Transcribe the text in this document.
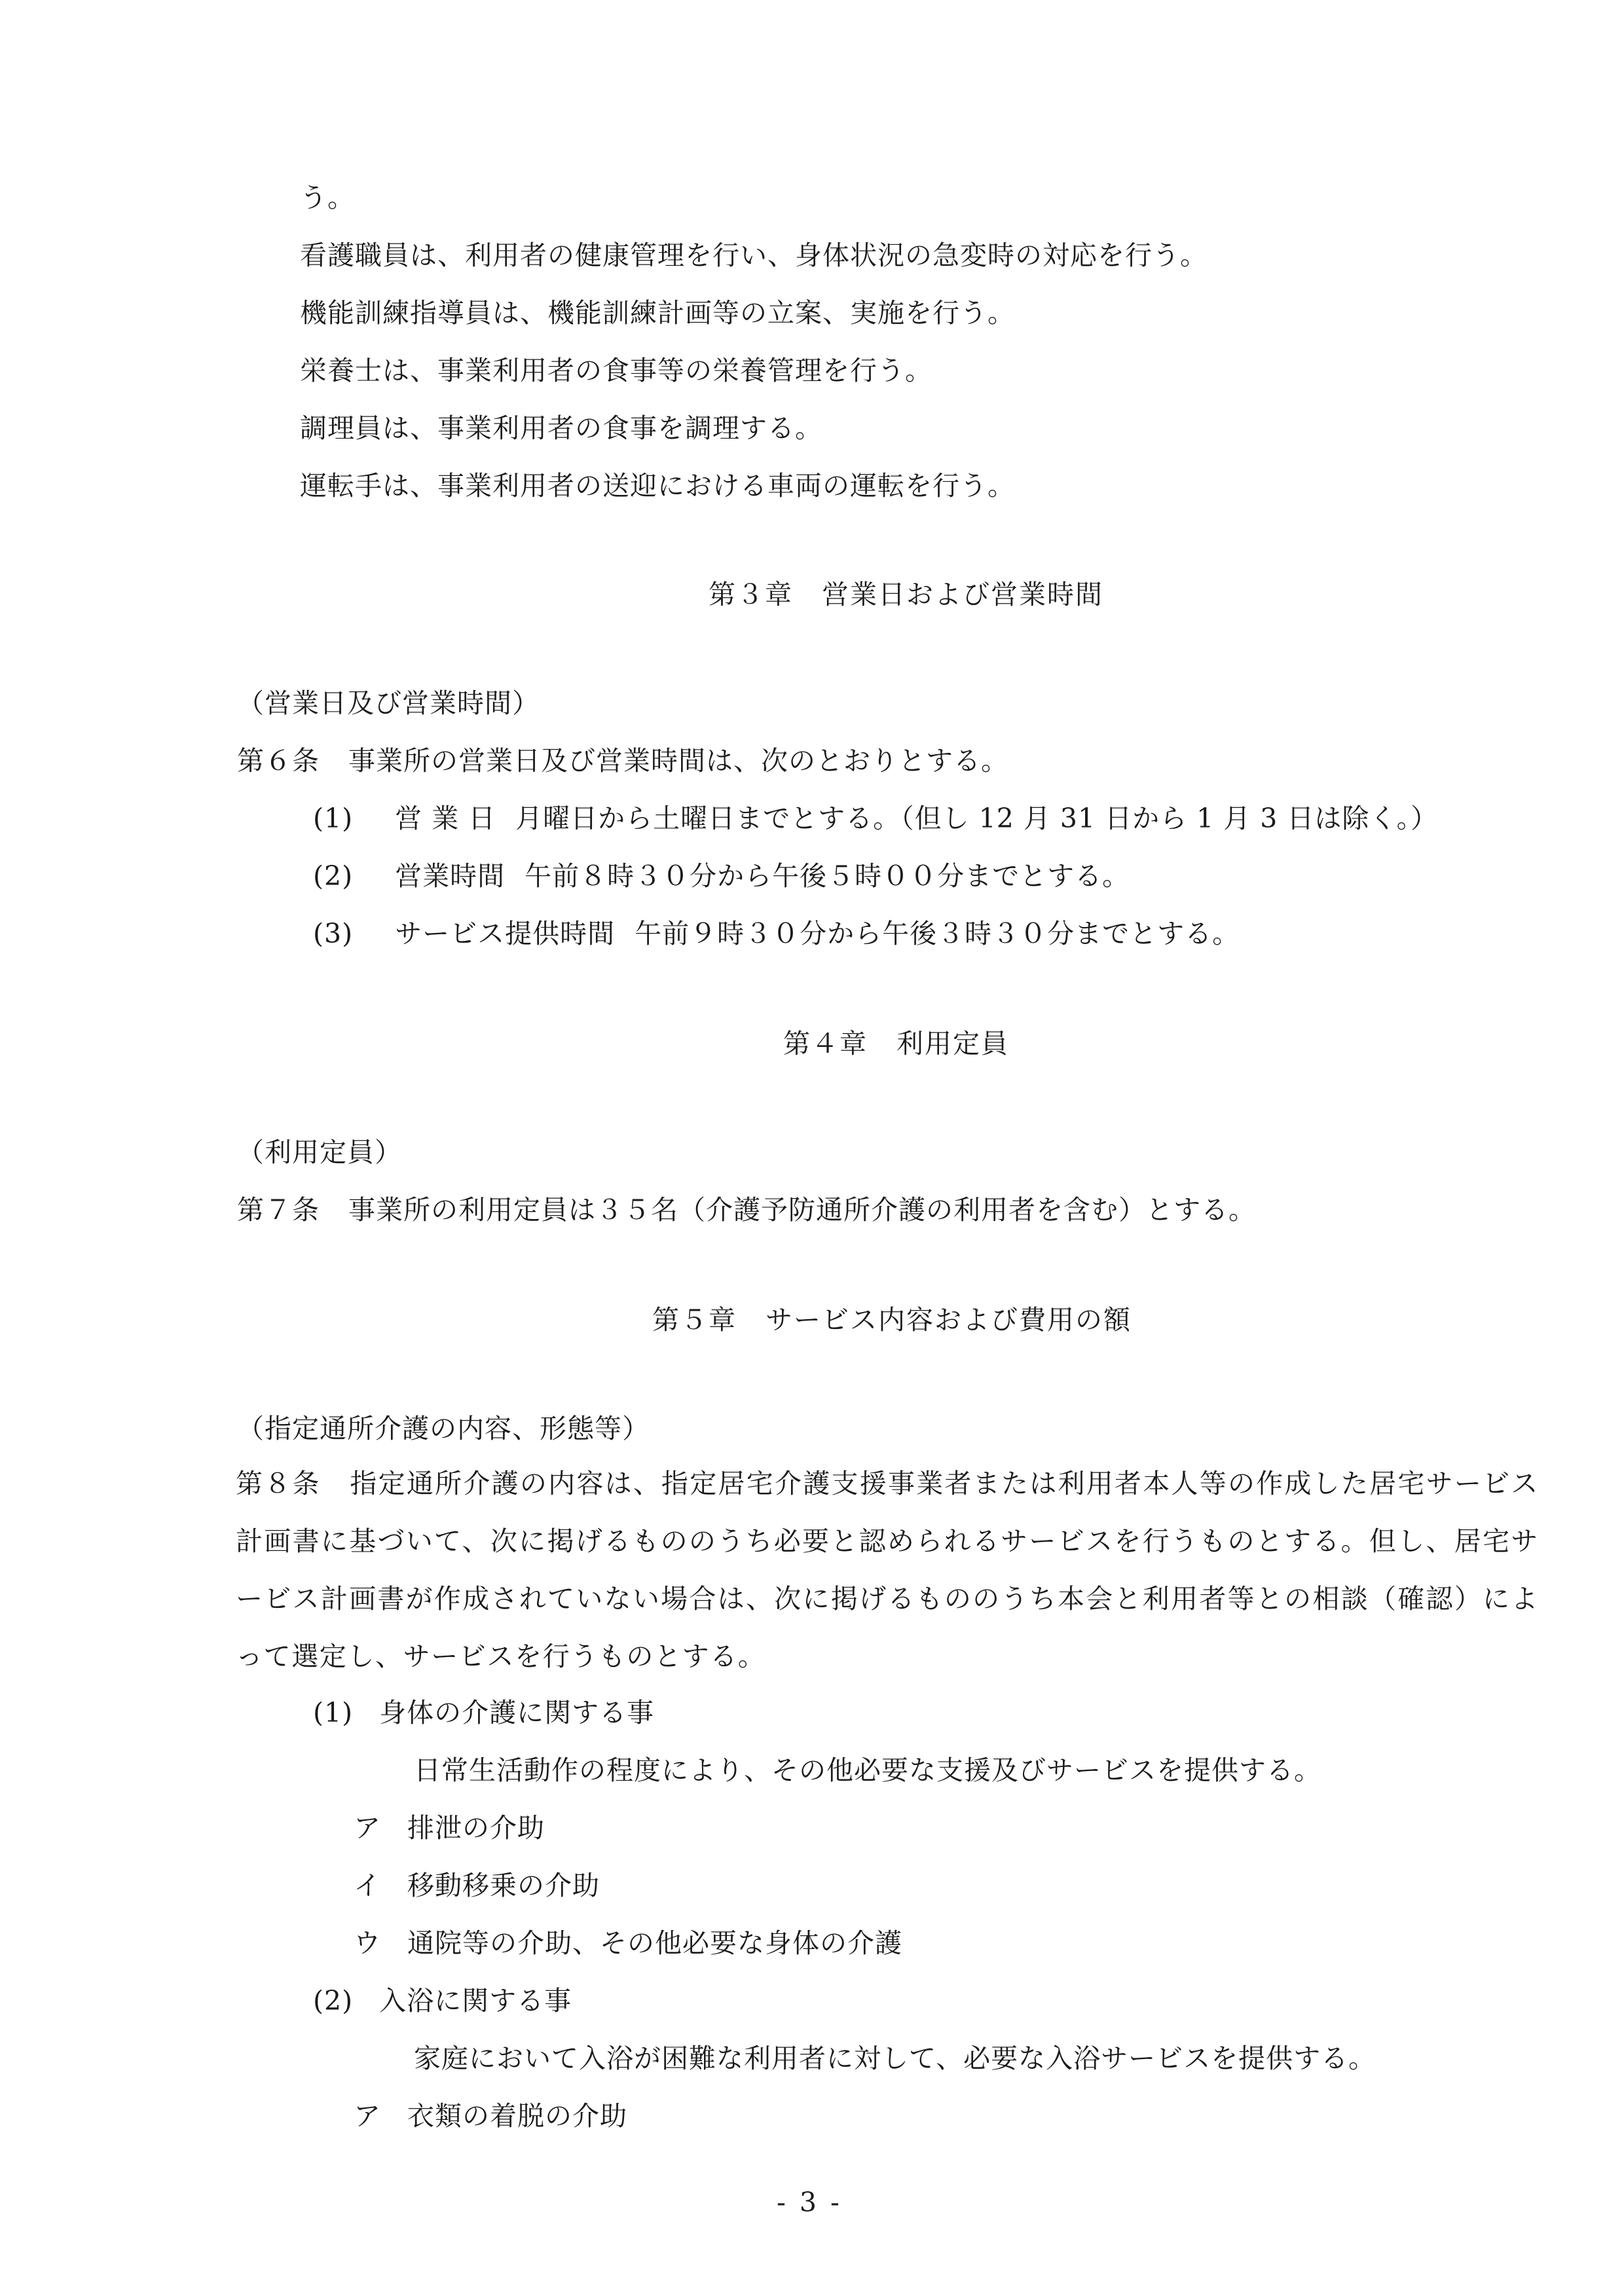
う。
看護職員は、利用者の健康管理を行い、身体状況の急変時の対応を行う。
機能訓練指導員は、機能訓練計画等の立案、実施を行う。
栄養士は、事業利用者の食事等の栄養管理を行う。
調理員は、事業利用者の食事を調理する。
運転手は、事業利用者の送迎における車両の運転を行う。
第３章 営業日および営業時間
（営業日及び営業時間）
第６条 事業所の営業日及び営業時間は、次のとおりとする。
(1) 営 業 日 月曜日から土曜日までとする。（但し 12 月 31 日から 1 月 3 日は除く。）
(2) 営業時間 午前８時３０分から午後５時００分までとする。
(3) サービス提供時間 午前９時３０分から午後３時３０分までとする。
第４章 利用定員
（利用定員）
第７条 事業所の利用定員は３５名（介護予防通所介護の利用者を含む）とする。
第５章 サービス内容および費用の額
（指定通所介護の内容、形態等）
第８条 指定通所介護の内容は、指定居宅介護支援事業者または利用者本人等の作成した居宅サービス計画書に基づいて、次に掲げるもののうち必要と認められるサービスを行うものとする。但し、居宅サービス計画書が作成されていない場合は、次に掲げるもののうち本会と利用者等との相談（確認）によって選定し、サービスを行うものとする。
(1) 身体の介護に関する事
日常生活動作の程度により、その他必要な支援及びサービスを提供する。
ア 排泄の介助
イ 移動移乗の介助
ウ 通院等の介助、その他必要な身体の介護
(2) 入浴に関する事
家庭において入浴が困難な利用者に対して、必要な入浴サービスを提供する。
ア 衣類の着脱の介助
- 3 -
